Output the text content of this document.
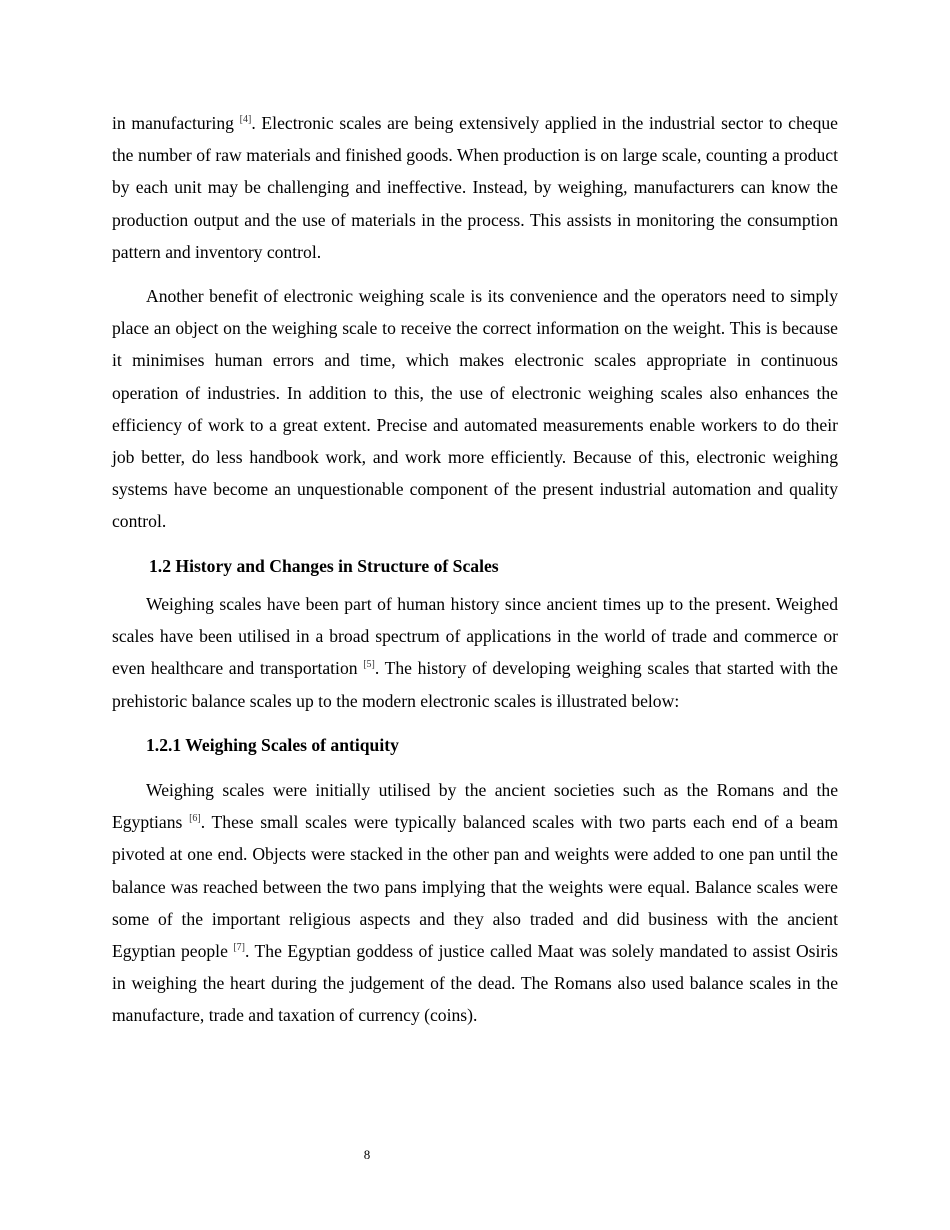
in manufacturing [4]. Electronic scales are being extensively applied in the industrial sector to cheque the number of raw materials and finished goods. When production is on large scale, counting a product by each unit may be challenging and ineffective. Instead, by weighing, manufacturers can know the production output and the use of materials in the process. This assists in monitoring the consumption pattern and inventory control.

Another benefit of electronic weighing scale is its convenience and the operators need to simply place an object on the weighing scale to receive the correct information on the weight. This is because it minimises human errors and time, which makes electronic scales appropriate in continuous operation of industries. In addition to this, the use of electronic weighing scales also enhances the efficiency of work to a great extent. Precise and automated measurements enable workers to do their job better, do less handbook work, and work more efficiently. Because of this, electronic weighing systems have become an unquestionable component of the present industrial automation and quality control.

1.2 History and Changes in Structure of Scales

Weighing scales have been part of human history since ancient times up to the present. Weighed scales have been utilised in a broad spectrum of applications in the world of trade and commerce or even healthcare and transportation [5]. The history of developing weighing scales that started with the prehistoric balance scales up to the modern electronic scales is illustrated below:

1.2.1 Weighing Scales of antiquity

Weighing scales were initially utilised by the ancient societies such as the Romans and the Egyptians [6]. These small scales were typically balanced scales with two parts each end of a beam pivoted at one end. Objects were stacked in the other pan and weights were added to one pan until the balance was reached between the two pans implying that the weights were equal. Balance scales were some of the important religious aspects and they also traded and did business with the ancient Egyptian people [7]. The Egyptian goddess of justice called Maat was solely mandated to assist Osiris in weighing the heart during the judgement of the dead. The Romans also used balance scales in the manufacture, trade and taxation of currency (coins).

8
